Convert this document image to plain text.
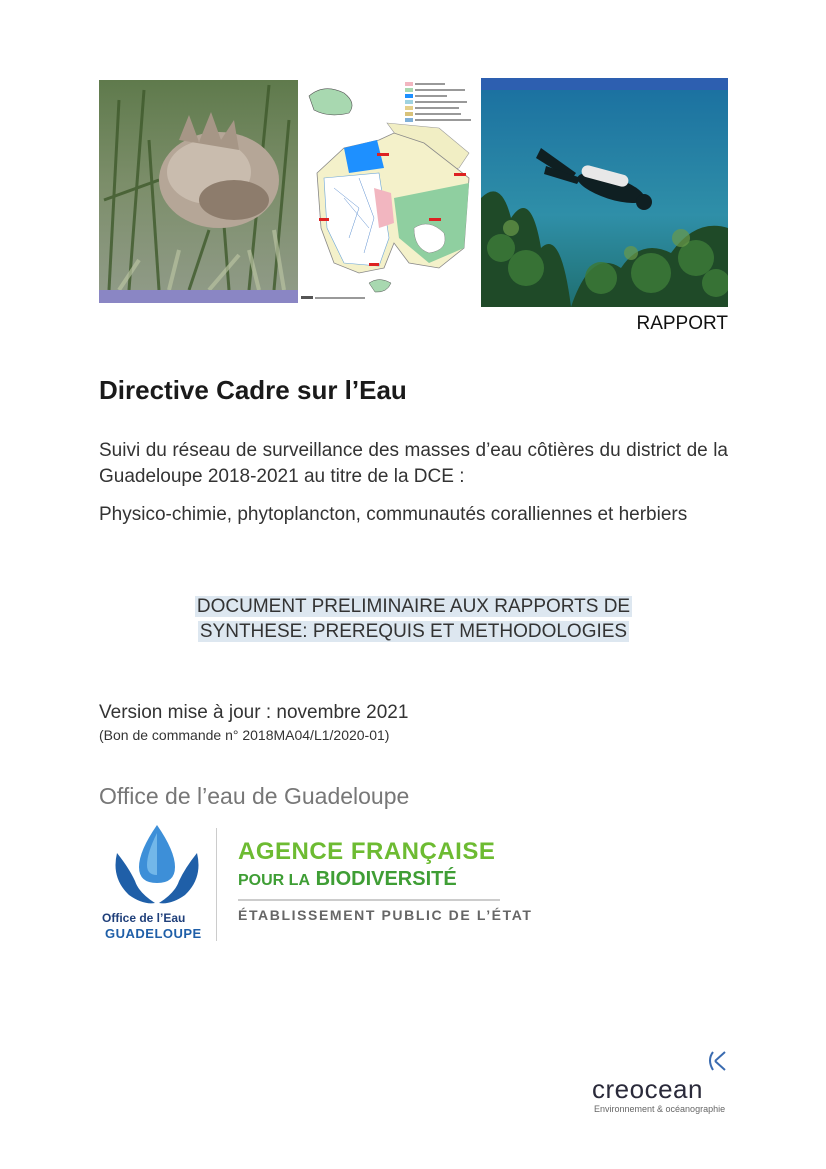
RAPPORT
Directive Cadre sur l’Eau
Suivi du réseau de surveillance des masses d’eau côtières du district de la Guadeloupe 2018-2021 au titre de la DCE :
Physico-chimie, phytoplancton, communautés coralliennes et herbiers
DOCUMENT PRELIMINAIRE AUX RAPPORTS DE
SYNTHESE: PREREQUIS ET METHODOLOGIES
Version mise à jour : novembre 2021
(Bon de commande n° 2018MA04/L1/2020-01)
Office de l’eau de Guadeloupe
Office de l’Eau
GUADELOUPE
AGENCE FRANÇAISE
POUR LA BIODIVERSITÉ
ÉTABLISSEMENT PUBLIC DE L’ÉTAT
creocean
Environnement & océanographie
